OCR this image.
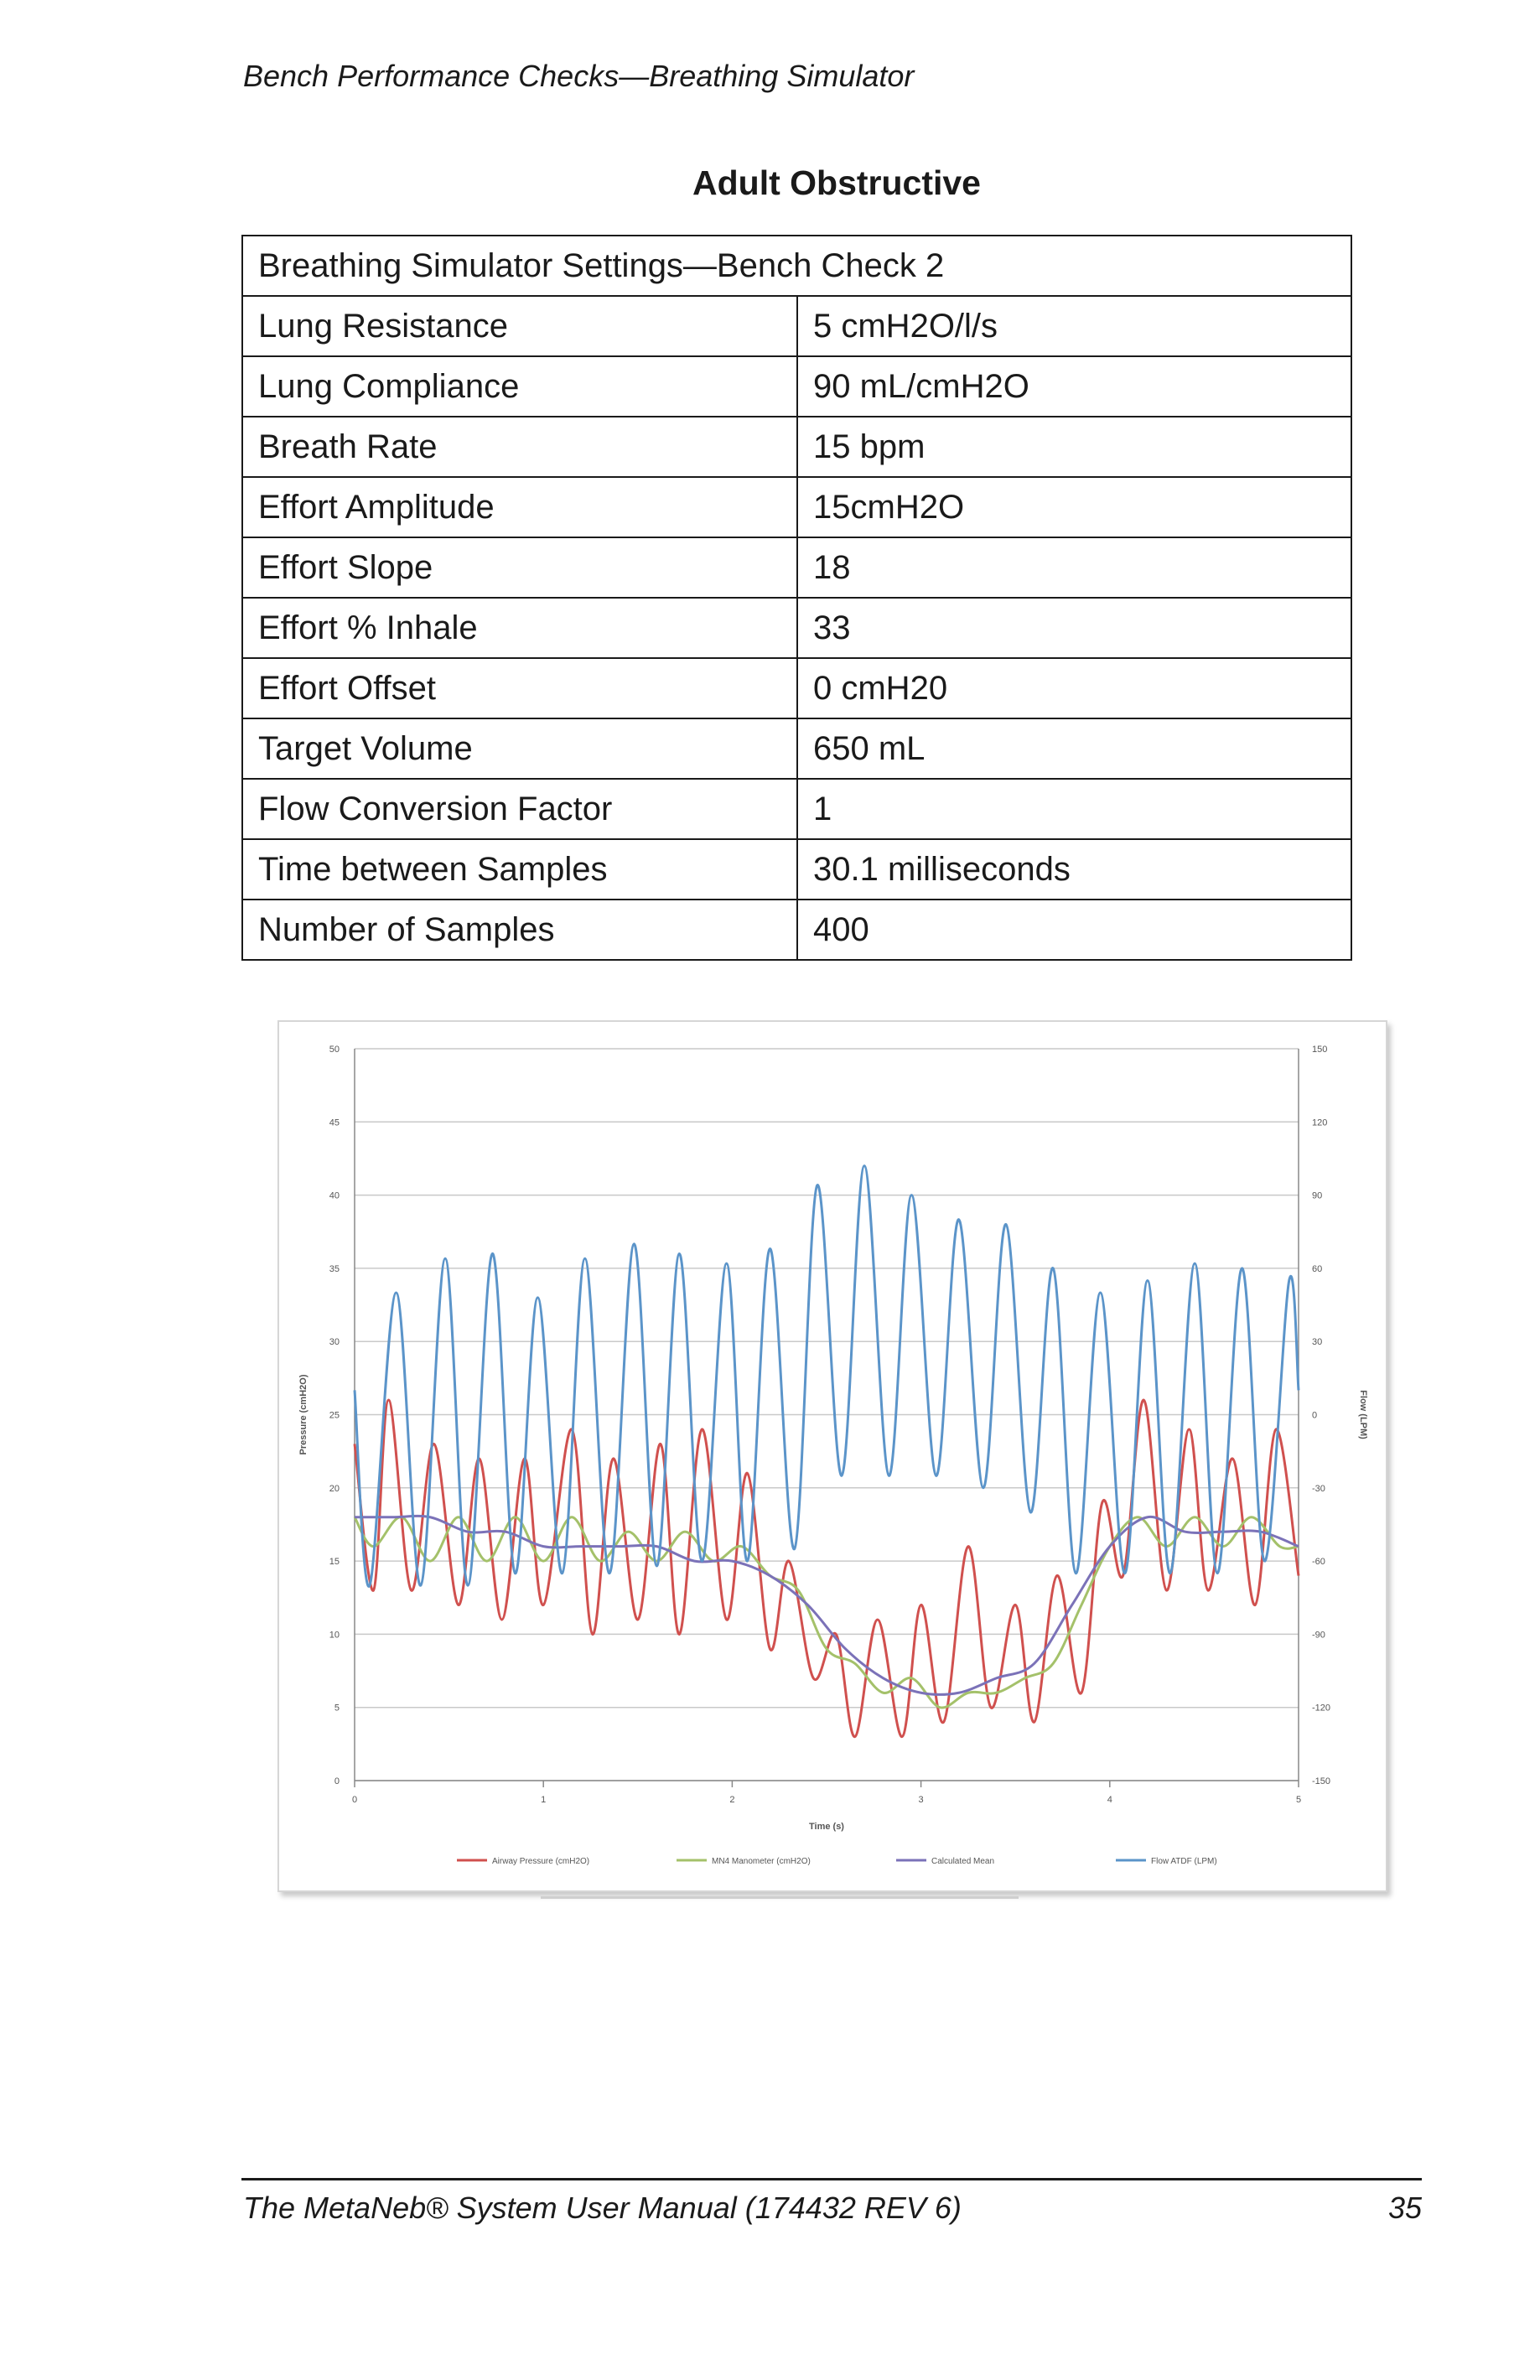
Bench Performance Checks—Breathing Simulator
Adult Obstructive
Breathing Simulator Settings—Bench Check 2	
Lung Resistance	5 cmH2O/l/s
Lung Compliance	90 mL/cmH2O
Breath Rate	15 bpm
Effort Amplitude	15cmH2O
Effort Slope	18
Effort % Inhale	33
Effort Offset	0 cmH20
Target Volume	650 mL
Flow Conversion Factor	1
Time between Samples	30.1 milliseconds
Number of Samples	400
0
5
10
15
20
25
30
35
40
45
50
-150
-120
-90
-60
-30
0
30
60
90
120
150
0	1	2	3	4	5
Time (s)
Pressure (cmH2O)	Flow (LPM)
Airway Pressure (cmH2O)	MN4 Manometer (cmH2O)	Calculated Mean	Flow ATDF (LPM)
The MetaNeb® System User Manual (174432 REV 6)	35
